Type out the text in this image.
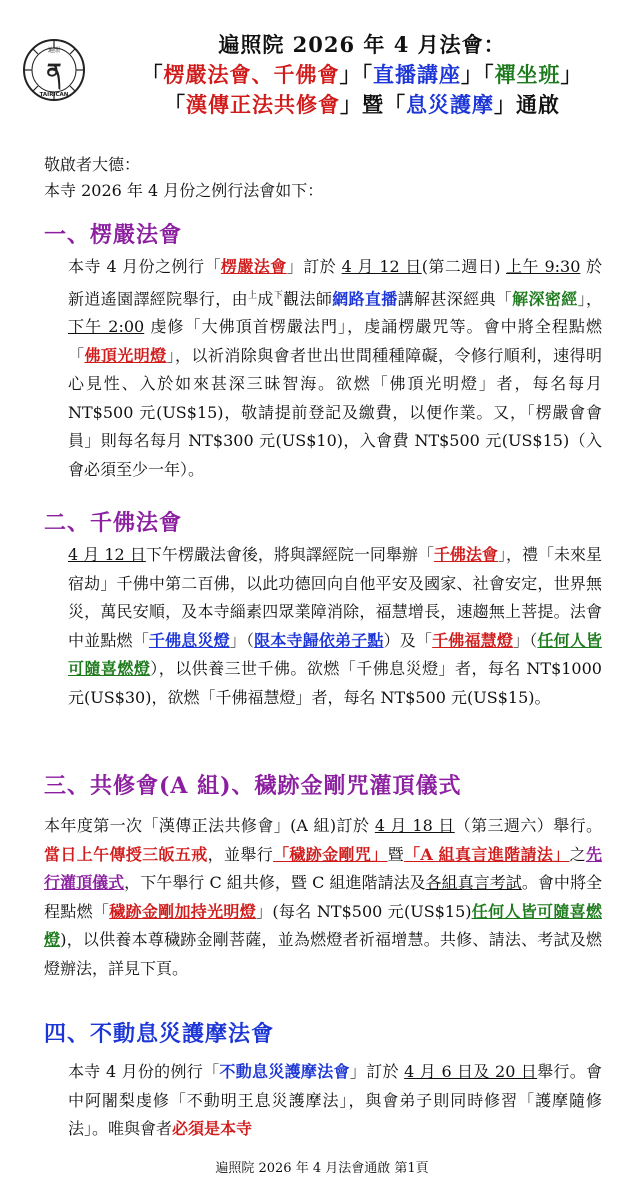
遍照
ན
TAIRICAN
遍照院 2026 年 4 月法會：
「楞嚴法會、千佛會」「直播講座」「禪坐班」
「漢傳正法共修會」暨「息災護摩」通啟
敬啟者大德：
本寺 2026 年 4 月份之例行法會如下：
一、楞嚴法會
本寺 4 月份之例行「楞嚴法會」訂於 4 月 12 日(第二週日) 上午 9:30 於新逍遙園譯經院舉行，由$^上$成$^下$觀法師網路直播講解甚深經典「解深密經」，下午 2:00 虔修「大佛頂首楞嚴法門」，虔誦楞嚴咒等。會中將全程點燃「佛頂光明燈」，以祈消除與會者世出世間種種障礙，令修行順利，速得明心見性、入於如來甚深三昧智海。欲燃「佛頂光明燈」者，每名每月 NT$500 元(US$15)，敬請提前登記及繳費，以便作業。又，「楞嚴會會員」則每名每月 NT$300 元(US$10)，入會費 NT$500 元(US$15)（入會必須至少一年）。
二、千佛法會
4 月 12 日下午楞嚴法會後，將與譯經院一同舉辦「千佛法會」，禮「未來星宿劫」千佛中第二百佛，以此功德回向自他平安及國家、社會安定，世界無災，萬民安順，及本寺緇素四眾業障消除，福慧增長，速趨無上菩提。法會中並點燃「千佛息災燈」（限本寺歸依弟子點）及「千佛福慧燈」（任何人皆可隨喜燃燈），以供養三世千佛。欲燃「千佛息災燈」者，每名 NT$1000 元(US$30)，欲燃「千佛福慧燈」者，每名 NT$500 元(US$15)。
三、共修會(A 組)、穢跡金剛咒灌頂儀式
本年度第一次「漢傳正法共修會」(A 組)訂於 4 月 18 日（第三週六）舉行。當日上午傳授三皈五戒，並舉行「穢跡金剛咒」暨「A 組真言進階請法」之先行灌頂儀式，下午舉行 C 組共修，暨 C 組進階請法及各組真言考試。會中將全程點燃「穢跡金剛加持光明燈」(每名 NT$500 元(US$15)任何人皆可隨喜燃燈)，以供養本尊穢跡金剛菩薩，並為燃燈者祈福增慧。共修、請法、考試及燃燈辦法，詳見下頁。
四、不動息災護摩法會
本寺 4 月份的例行「不動息災護摩法會」訂於 4 月 6 日及 20 日舉行。會中阿闍梨虔修「不動明王息災護摩法」，與會弟子則同時修習「護摩隨修法」。唯與會者必須是本寺
遍照院 2026 年 4 月法會通啟 第1頁
